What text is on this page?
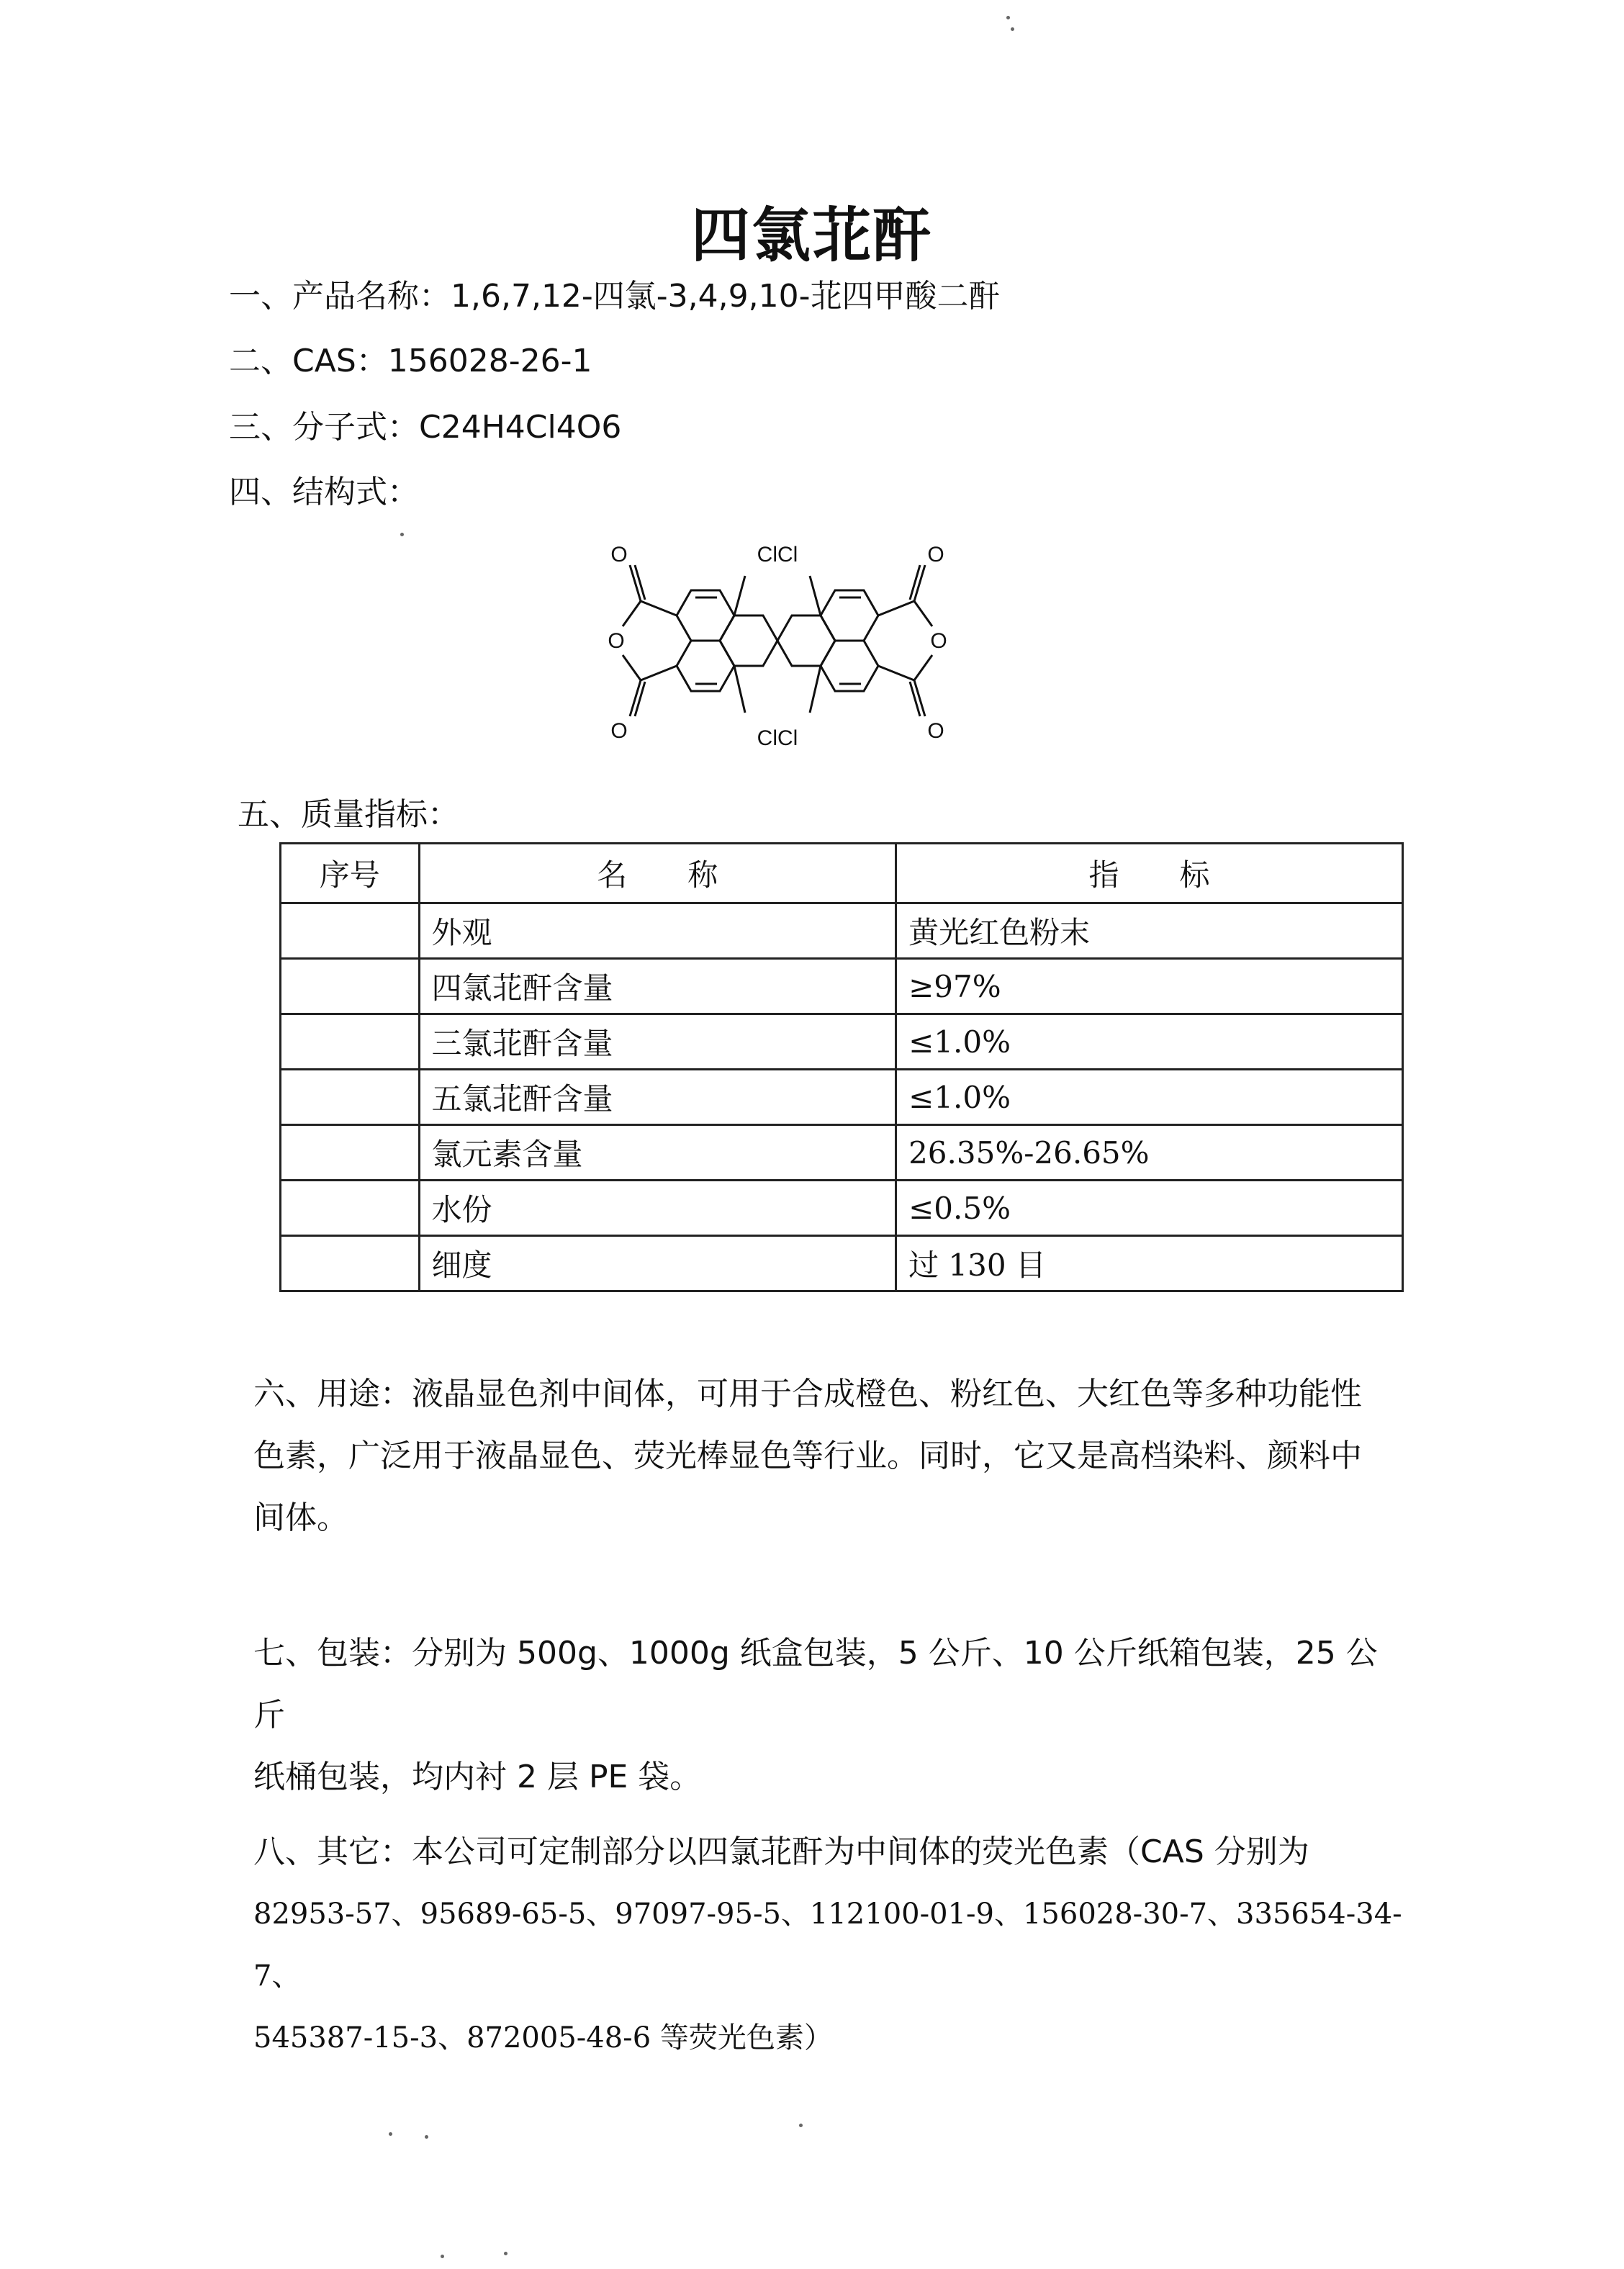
四氯苝酐
一、产品名称：1,6,7,12-四氯-3,4,9,10-苝四甲酸二酐
二、CAS：156028-26-1
三、分子式：C24H4Cl4O6
四、结构式：
ClCl
ClCl
O
O
O
O
O
O
五、质量指标：
序号	名　　称	指　　标
	外观	黄光红色粉末
	四氯苝酐含量	≥97%
	三氯苝酐含量	≤1.0%
	五氯苝酐含量	≤1.0%
	氯元素含量	26.35%-26.65%
	水份	≤0.5%
	细度	过 130 目
六、用途：液晶显色剂中间体，可用于合成橙色、粉红色、大红色等多种功能性
色素，广泛用于液晶显色、荧光棒显色等行业。同时，它又是高档染料、颜料中
间体。
七、包装：分别为 500g、1000g 纸盒包装，5 公斤、10 公斤纸箱包装，25 公斤
纸桶包装，均内衬 2 层 PE 袋。
八、其它：本公司可定制部分以四氯苝酐为中间体的荧光色素（CAS 分别为
82953-57、95689-65-5、97097-95-5、112100-01-9、156028-30-7、335654-34-7、
545387-15-3、872005-48-6 等荧光色素）
